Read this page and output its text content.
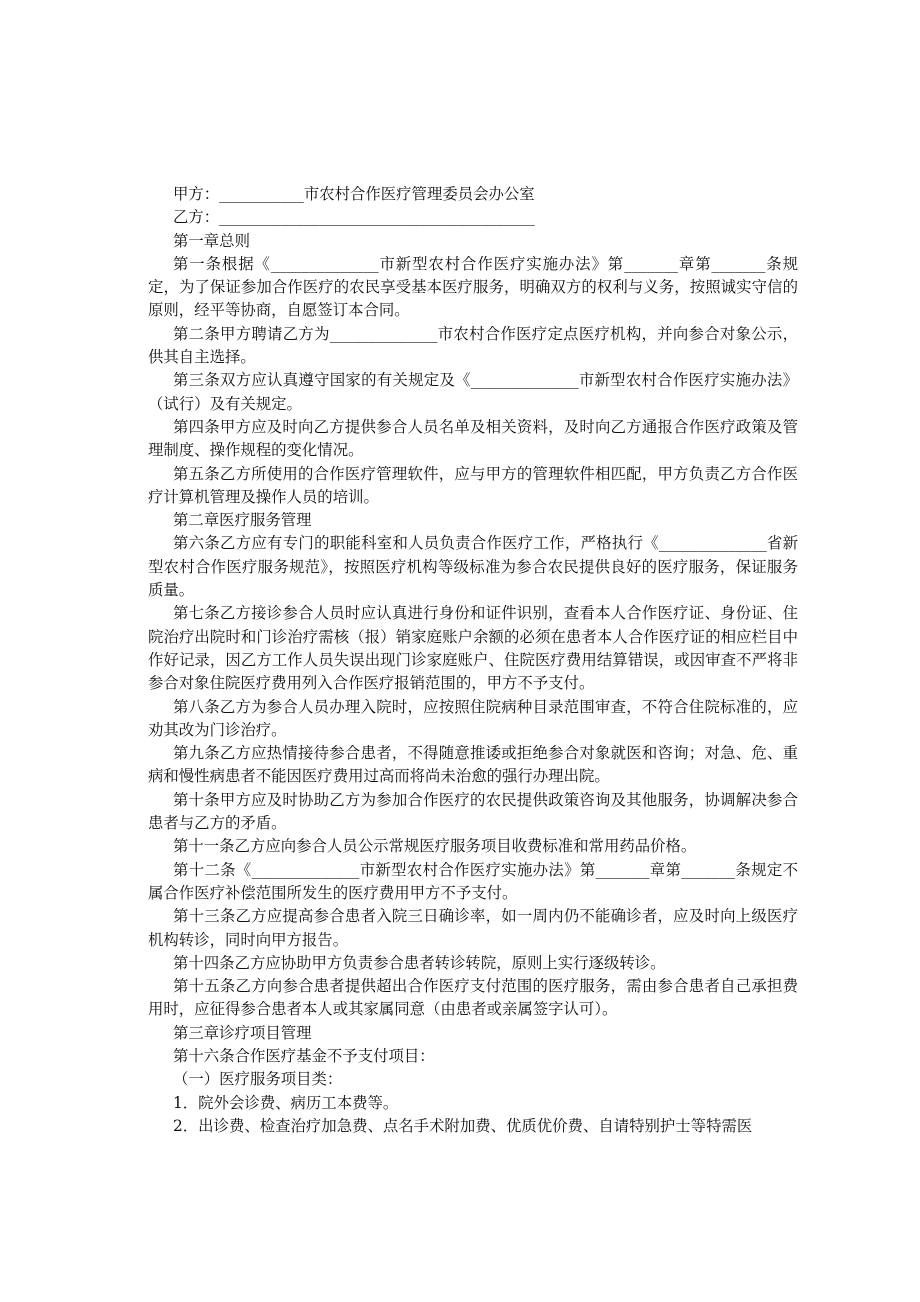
甲方：___________市农村合作医疗管理委员会办公室

乙方：_________________________________________

第一章总则

第一条根据《______________市新型农村合作医疗实施办法》第_______章第_______条规定，为了保证参加合作医疗的农民享受基本医疗服务，明确双方的权利与义务，按照诚实守信的原则，经平等协商，自愿签订本合同。

第二条甲方聘请乙方为______________市农村合作医疗定点医疗机构，并向参合对象公示，供其自主选择。

第三条双方应认真遵守国家的有关规定及《______________市新型农村合作医疗实施办法》（试行）及有关规定。

第四条甲方应及时向乙方提供参合人员名单及相关资料，及时向乙方通报合作医疗政策及管理制度、操作规程的变化情况。

第五条乙方所使用的合作医疗管理软件，应与甲方的管理软件相匹配，甲方负责乙方合作医疗计算机管理及操作人员的培训。

第二章医疗服务管理

第六条乙方应有专门的职能科室和人员负责合作医疗工作，严格执行《______________省新型农村合作医疗服务规范》，按照医疗机构等级标准为参合农民提供良好的医疗服务，保证服务质量。

第七条乙方接诊参合人员时应认真进行身份和证件识别，查看本人合作医疗证、身份证、住院治疗出院时和门诊治疗需核（报）销家庭账户余额的必须在患者本人合作医疗证的相应栏目中作好记录，因乙方工作人员失误出现门诊家庭账户、住院医疗费用结算错误，或因审查不严将非参合对象住院医疗费用列入合作医疗报销范围的，甲方不予支付。

第八条乙方为参合人员办理入院时，应按照住院病种目录范围审查，不符合住院标准的，应劝其改为门诊治疗。

第九条乙方应热情接待参合患者，不得随意推诿或拒绝参合对象就医和咨询；对急、危、重病和慢性病患者不能因医疗费用过高而将尚未治愈的强行办理出院。

第十条甲方应及时协助乙方为参加合作医疗的农民提供政策咨询及其他服务，协调解决参合患者与乙方的矛盾。

第十一条乙方应向参合人员公示常规医疗服务项目收费标准和常用药品价格。

第十二条《______________市新型农村合作医疗实施办法》第_______章第_______条规定不属合作医疗补偿范围所发生的医疗费用甲方不予支付。

第十三条乙方应提高参合患者入院三日确诊率，如一周内仍不能确诊者，应及时向上级医疗机构转诊，同时向甲方报告。

第十四条乙方应协助甲方负责参合患者转诊转院，原则上实行逐级转诊。

第十五条乙方向参合患者提供超出合作医疗支付范围的医疗服务，需由参合患者自己承担费用时，应征得参合患者本人或其家属同意（由患者或亲属签字认可）。

第三章诊疗项目管理

第十六条合作医疗基金不予支付项目：

（一）医疗服务项目类：

1．院外会诊费、病历工本费等。

2．出诊费、检查治疗加急费、点名手术附加费、优质优价费、自请特别护士等特需医
